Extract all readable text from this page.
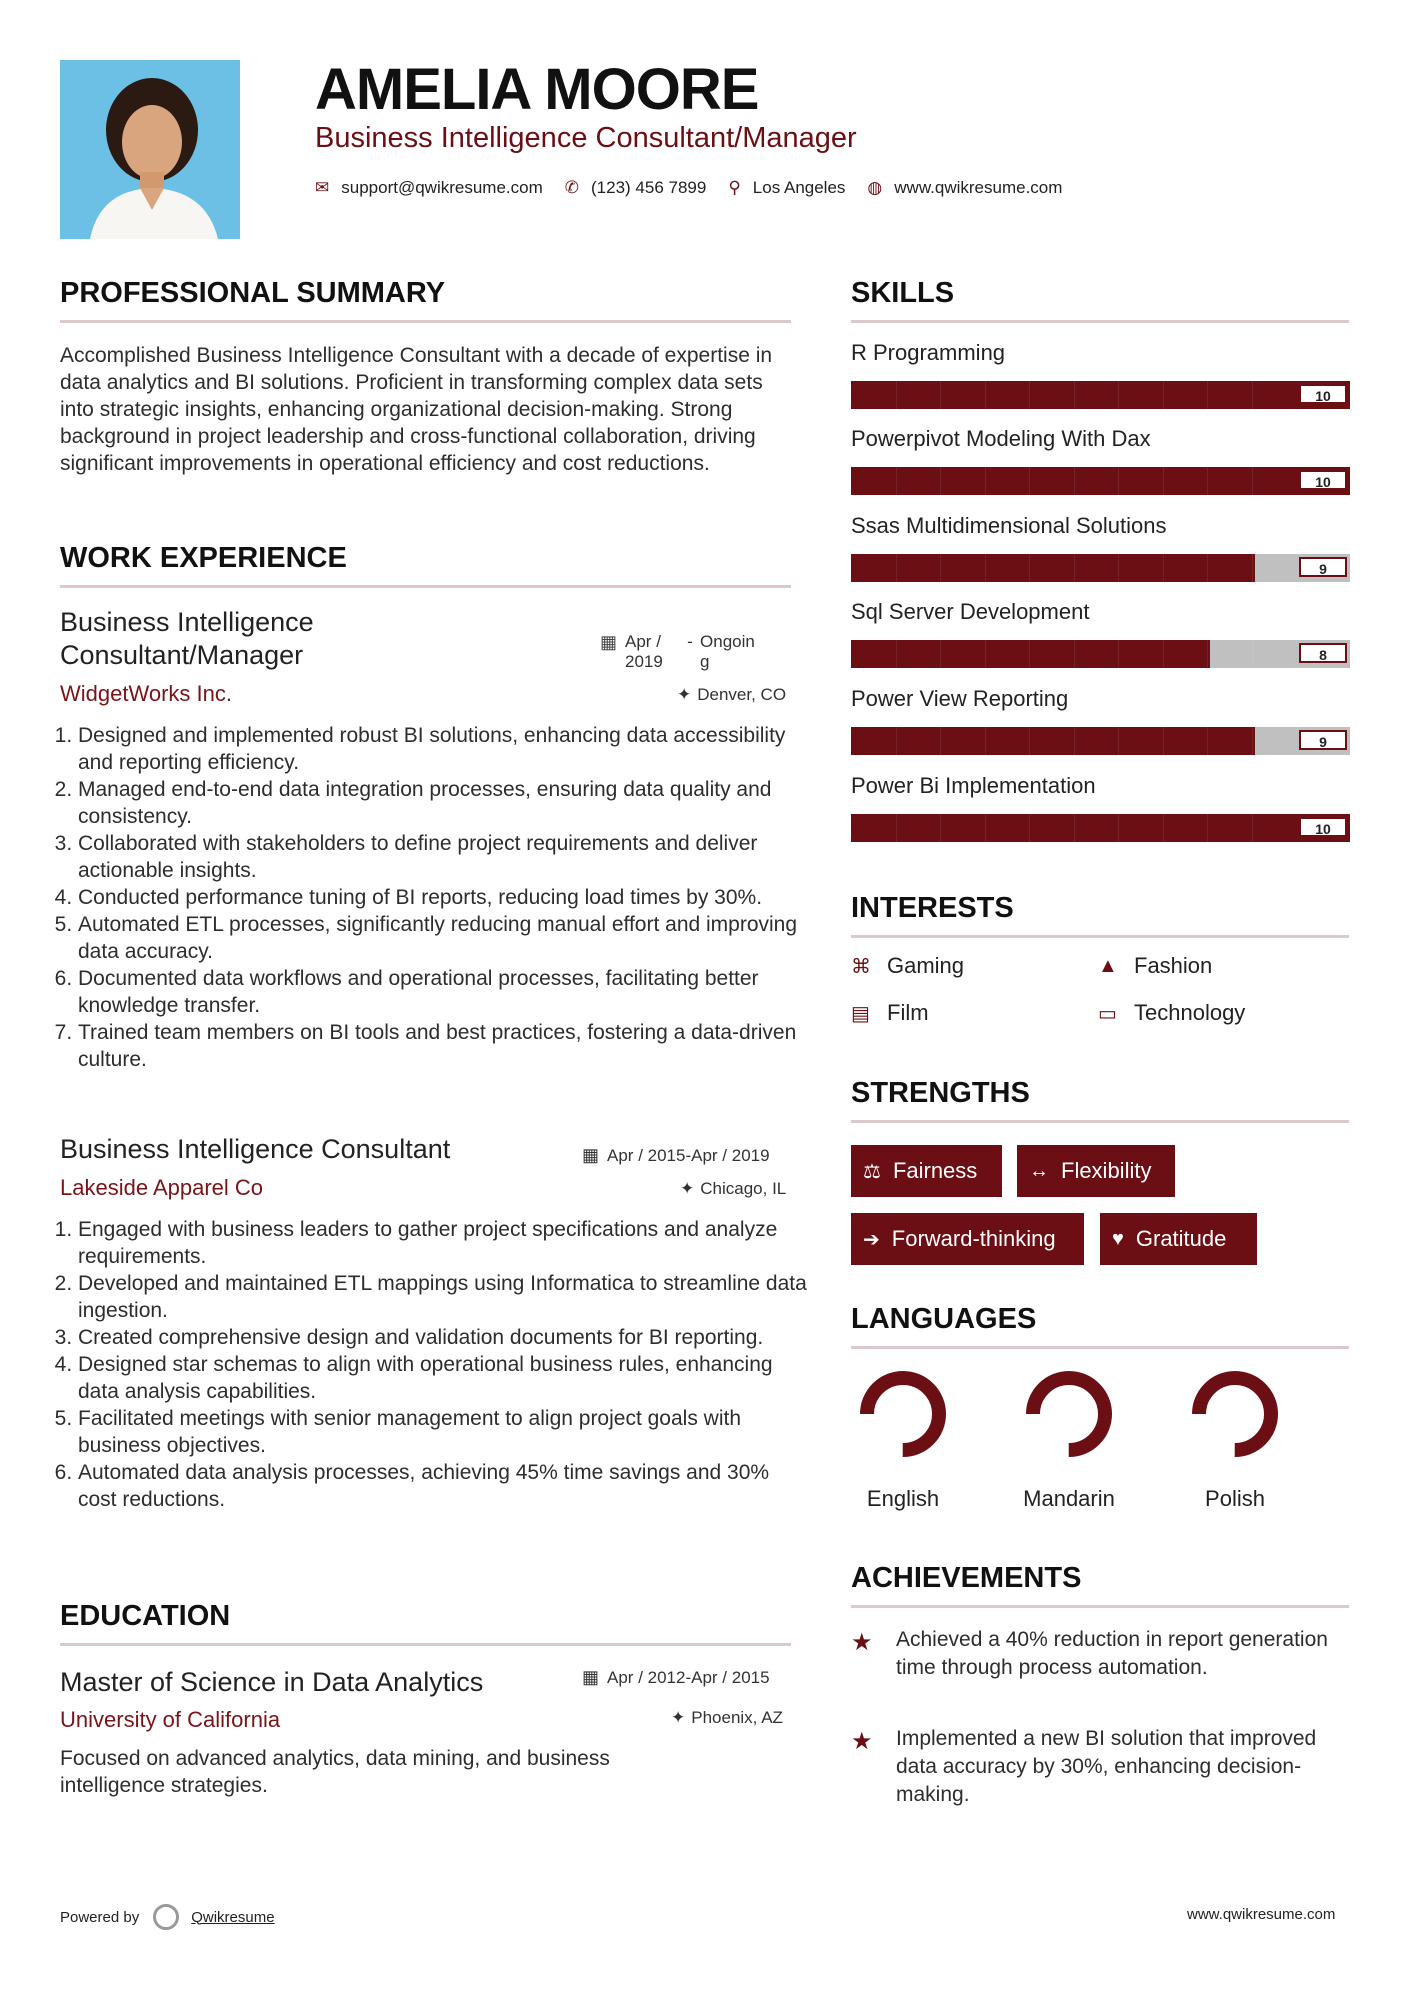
AMELIA MOORE
Business Intelligence Consultant/Manager
✉ support@qwikresume.com ✆ (123) 456 7899 ⚲ Los Angeles ◍ www.qwikresume.com
PROFESSIONAL SUMMARY
Accomplished Business Intelligence Consultant with a decade of expertise in data analytics and BI solutions. Proficient in transforming complex data sets into strategic insights, enhancing organizational decision-making. Strong background in project leadership and cross-functional collaboration, driving significant improvements in operational efficiency and cost reductions.
WORK EXPERIENCE
Business Intelligence Consultant/Manager	▦ Apr / 2019
- Ongoing
WidgetWorks Inc.	✦ Denver, CO
1. Designed and implemented robust BI solutions, enhancing data accessibility and reporting efficiency.
2. Managed end-to-end data integration processes, ensuring data quality and consistency.
3. Collaborated with stakeholders to define project requirements and deliver actionable insights.
4. Conducted performance tuning of BI reports, reducing load times by 30%.
5. Automated ETL processes, significantly reducing manual effort and improving data accuracy.
6. Documented data workflows and operational processes, facilitating better knowledge transfer.
7. Trained team members on BI tools and best practices, fostering a data-driven culture.
Business Intelligence Consultant	▦ Apr / 2015-Apr / 2019
Lakeside Apparel Co	✦ Chicago, IL
1. Engaged with business leaders to gather project specifications and analyze requirements.
2. Developed and maintained ETL mappings using Informatica to streamline data ingestion.
3. Created comprehensive design and validation documents for BI reporting.
4. Designed star schemas to align with operational business rules, enhancing data analysis capabilities.
5. Facilitated meetings with senior management to align project goals with business objectives.
6. Automated data analysis processes, achieving 45% time savings and 30% cost reductions.
EDUCATION
Master of Science in Data Analytics	▦ Apr / 2012-Apr / 2015
University of California	✦ Phoenix, AZ
Focused on advanced analytics, data mining, and business intelligence strategies.
SKILLS
R Programming
10
Powerpivot Modeling With Dax
10
Ssas Multidimensional Solutions
9
Sql Server Development
8
Power View Reporting
9
Power Bi Implementation
10
INTERESTS
⌘ Gaming	▲ Fashion
▤ Film	▭ Technology
STRENGTHS
⚖ Fairness	↔ Flexibility
➔ Forward-thinking	♥ Gratitude
LANGUAGES
English	Mandarin	Polish
ACHIEVEMENTS
★ Achieved a 40% reduction in report generation time through process automation.
★ Implemented a new BI solution that improved data accuracy by 30%, enhancing decision-making.
Powered by	Qwikresume	www.qwikresume.com
